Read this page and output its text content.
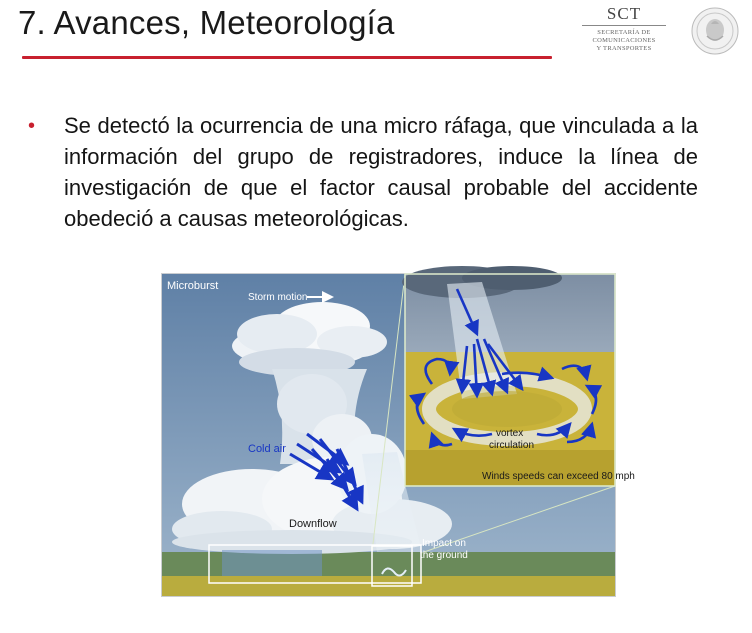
7. Avances, Meteorología	SCT
SECRETARÍA DE
COMUNICACIONES
Y TRANSPORTES
• Se detectó la ocurrencia de una micro ráfaga, que vinculada a la información del grupo de registradores, induce la línea de investigación de que el factor causal probable del accidente obedeció a causas meteorológicas.
Microburst
Storm motion
Cold air
Downflow
Impact on
the ground
vortex
circulation
Winds speeds can exceed 80 mph
